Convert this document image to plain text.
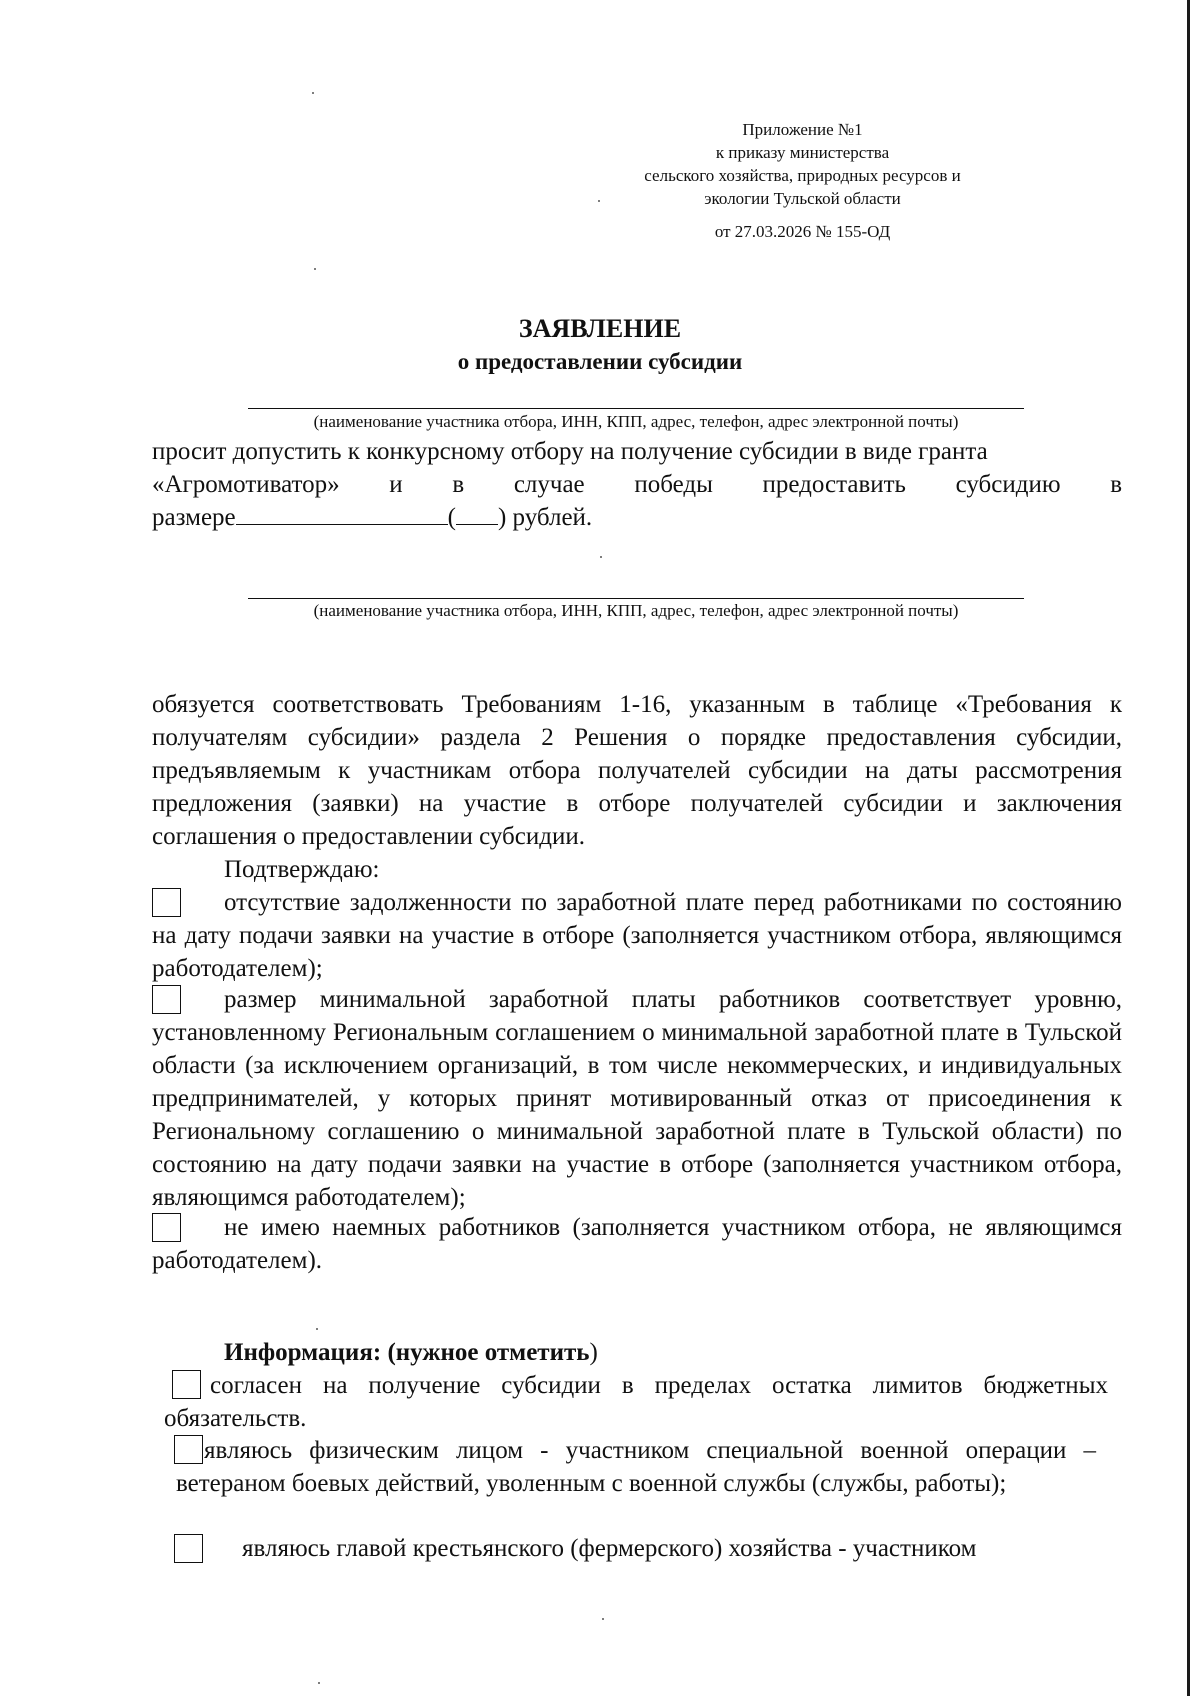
Приложение №1
к приказу министерства
сельского хозяйства, природных ресурсов и
экологии Тульской области
от 27.03.2026 № 155-ОД
ЗАЯВЛЕНИЕ
о предоставлении субсидии
(наименование участника отбора, ИНН, КПП, адрес, телефон, адрес электронной почты)
просит допустить к конкурсному отбору на получение субсидии в виде гранта
«Агромотиватор» и в случае победы предоставить субсидию в
размере	( ) рублей.
(наименование участника отбора, ИНН, КПП, адрес, телефон, адрес электронной почты)
обязуется соответствовать Требованиям 1-16, указанным в таблице «Требования к получателям субсидии» раздела 2 Решения о порядке предоставления субсидии, предъявляемым к участникам отбора получателей субсидии на даты рассмотрения предложения (заявки) на участие в отборе получателей субсидии и заключения соглашения о предоставлении субсидии.
Подтверждаю:
отсутствие задолженности по заработной плате перед работниками по состоянию на дату подачи заявки на участие в отборе (заполняется участником отбора, являющимся работодателем);
размер минимальной заработной платы работников соответствует уровню, установленному Региональным соглашением о минимальной заработной плате в Тульской области (за исключением организаций, в том числе некоммерческих, и индивидуальных предпринимателей, у которых принят мотивированный отказ от присоединения к Региональному соглашению о минимальной заработной плате в Тульской области) по состоянию на дату подачи заявки на участие в отборе (заполняется участником отбора, являющимся работодателем);
не имею наемных работников (заполняется участником отбора, не являющимся работодателем).
Информация: (нужное отметить)
согласен на получение субсидии в пределах остатка лимитов бюджетных обязательств.
являюсь физическим лицом - участником специальной военной операции – ветераном боевых действий, уволенным с военной службы (службы, работы);
являюсь главой крестьянского (фермерского) хозяйства - участником
